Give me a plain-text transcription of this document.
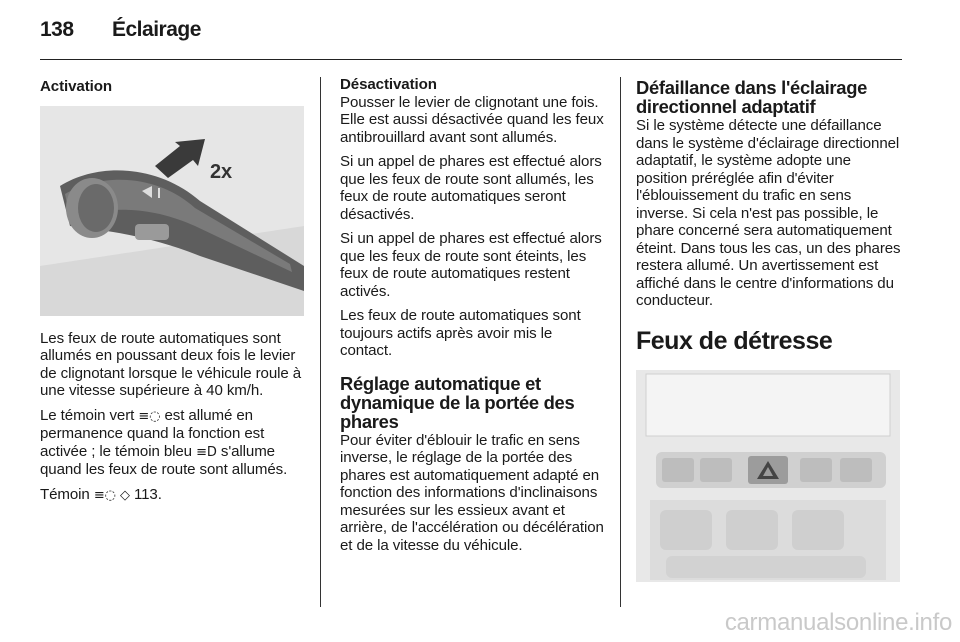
138	Éclairage
Activation
2x

Les feux de route automatiques sont allumés en poussant deux fois le levier de clignotant lorsque le véhicule roule à une vitesse supérieure à 40 km/h.

Le témoin vert ≡◌ est allumé en permanence quand la fonction est activée ; le témoin bleu ≡D s'allume quand les feux de route sont allumés.

Témoin ≡◌ ◇ 113.

Désactivation

Pousser le levier de clignotant une fois. Elle est aussi désactivée quand les feux antibrouillard avant sont allumés.

Si un appel de phares est effectué alors que les feux de route sont allumés, les feux de route automatiques seront désactivés.

Si un appel de phares est effectué alors que les feux de route sont éteints, les feux de route automatiques restent activés.

Les feux de route automatiques sont toujours actifs après avoir mis le contact.

Réglage automatique et dynamique de la portée des phares

Pour éviter d'éblouir le trafic en sens inverse, le réglage de la portée des phares est automatiquement adapté en fonction des informations d'inclinaisons mesurées sur les essieux avant et arrière, de l'accélération ou décélération et de la vitesse du véhicule.

Défaillance dans l'éclairage directionnel adaptatif

Si le système détecte une défaillance dans le système d'éclairage directionnel adaptatif, le système adopte une position préréglée afin d'éviter l'éblouissement du trafic en sens inverse. Si cela n'est pas possible, le phare concerné sera automatiquement éteint. Dans tous les cas, un des phares restera allumé. Un avertissement est affiché dans le centre d'informations du conducteur.

Feux de détresse
carmanualsonline.info
